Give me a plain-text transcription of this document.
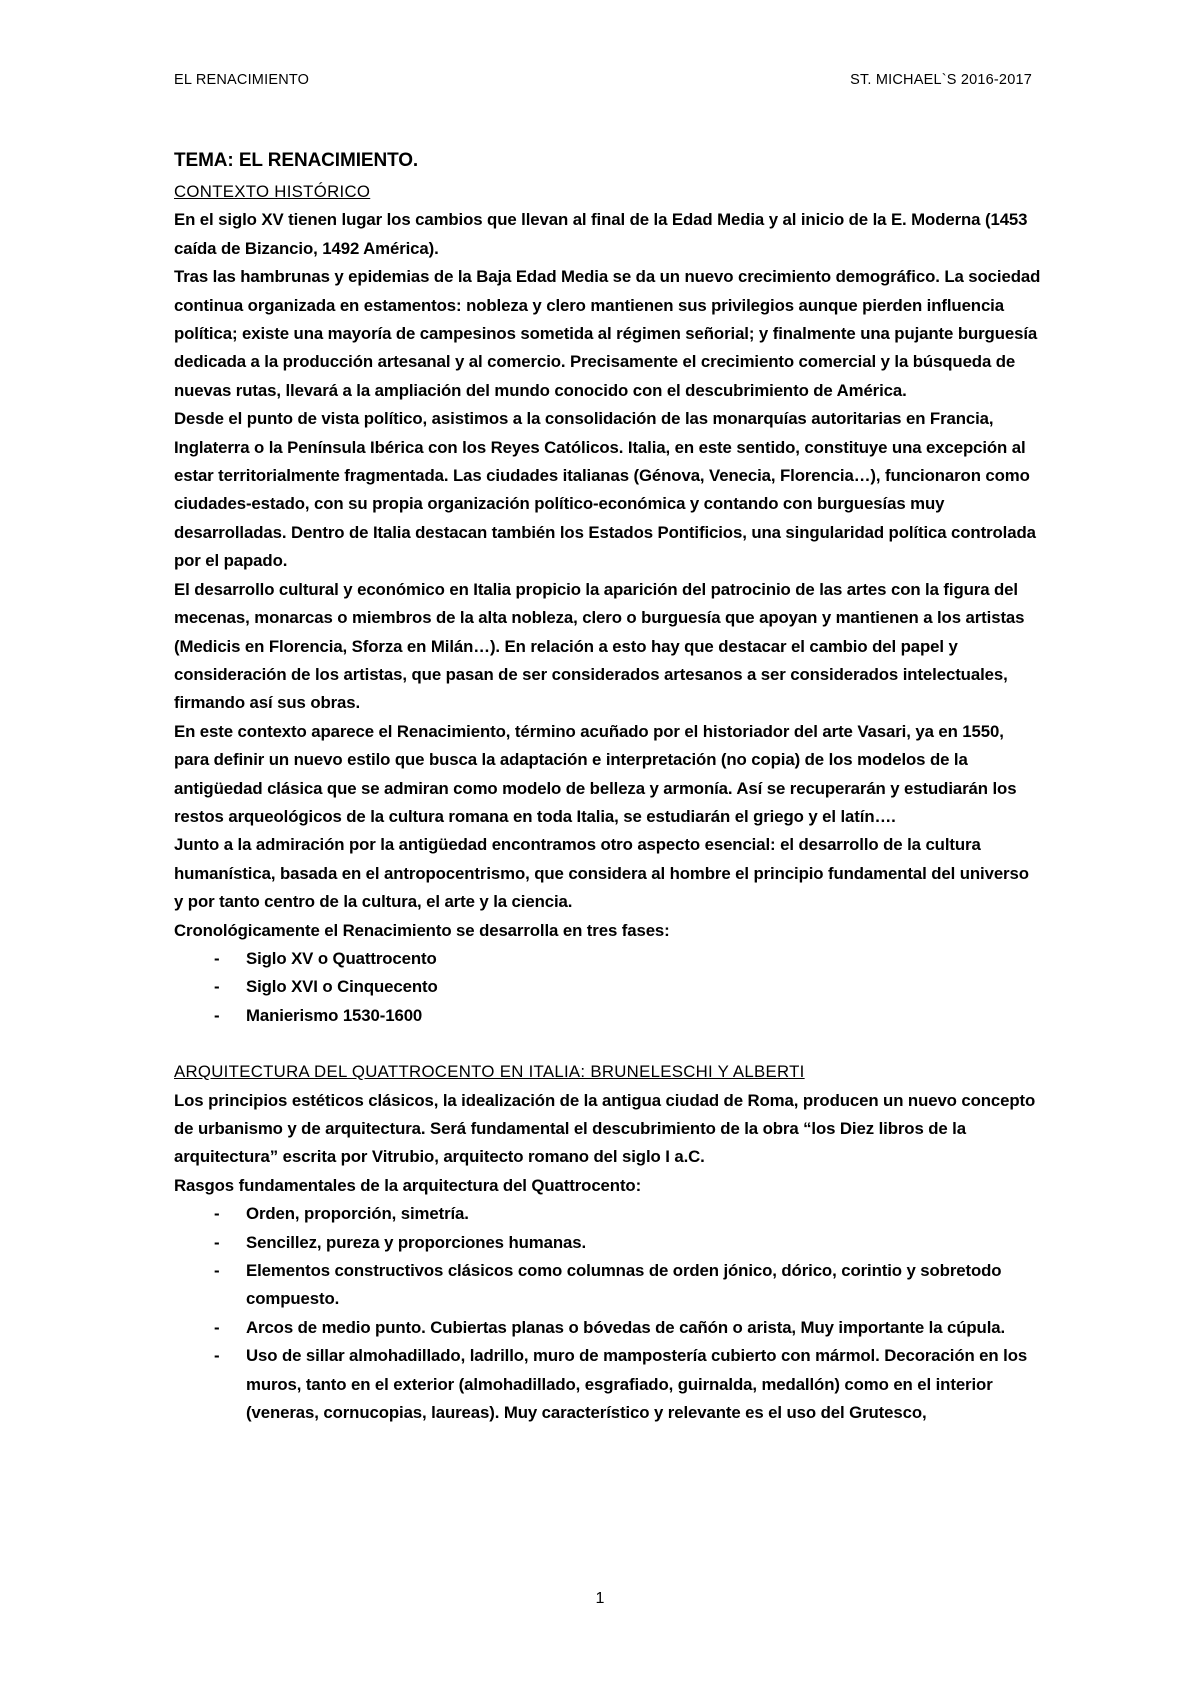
EL RENACIMIENTO	ST. MICHAEL`S 2016-2017
TEMA: EL RENACIMIENTO.

CONTEXTO HISTÓRICO

En el siglo XV tienen lugar los cambios que llevan al final de la Edad Media y al inicio de la E. Moderna (1453 caída de Bizancio, 1492 América).

Tras las hambrunas y epidemias de la Baja Edad Media se da un nuevo crecimiento demográfico. La sociedad continua organizada en estamentos: nobleza y clero mantienen sus privilegios aunque pierden influencia política; existe una mayoría de campesinos sometida al régimen señorial; y finalmente una pujante burguesía dedicada a la producción artesanal y al comercio. Precisamente el crecimiento comercial y la búsqueda de nuevas rutas, llevará a la ampliación del mundo conocido con el descubrimiento de América.

Desde el punto de vista político, asistimos a la consolidación de las monarquías autoritarias en Francia, Inglaterra o la Península Ibérica con los Reyes Católicos. Italia, en este sentido, constituye una excepción al estar territorialmente fragmentada. Las ciudades italianas (Génova, Venecia, Florencia…), funcionaron como ciudades-estado, con su propia organización político-económica y contando con burguesías muy desarrolladas. Dentro de Italia destacan también los Estados Pontificios, una singularidad política controlada por el papado.

El desarrollo cultural y económico en Italia propicio la aparición del patrocinio de las artes con la figura del mecenas, monarcas o miembros de la alta nobleza, clero o burguesía que apoyan y mantienen a los artistas (Medicis en Florencia, Sforza en Milán…). En relación a esto hay que destacar el cambio del papel y consideración de los artistas, que pasan de ser considerados artesanos a ser considerados intelectuales, firmando así sus obras.

En este contexto aparece el Renacimiento, término acuñado por el historiador del arte Vasari, ya en 1550, para definir un nuevo estilo que busca la adaptación e interpretación (no copia) de los modelos de la antigüedad clásica que se admiran como modelo de belleza y armonía. Así se recuperarán y estudiarán los restos arqueológicos de la cultura romana en toda Italia, se estudiarán el griego y el latín….

Junto a la admiración por la antigüedad encontramos otro aspecto esencial: el desarrollo de la cultura humanística, basada en el antropocentrismo, que considera al hombre el principio fundamental del universo y por tanto centro de la cultura, el arte y la ciencia.

Cronológicamente el Renacimiento se desarrolla en tres fases:

- Siglo XV o Quattrocento
- Siglo XVI o Cinquecento
- Manierismo 1530-1600

ARQUITECTURA DEL QUATTROCENTO EN ITALIA: BRUNELESCHI Y ALBERTI

Los principios estéticos clásicos, la idealización de la antigua ciudad de Roma, producen un nuevo concepto de urbanismo y de arquitectura. Será fundamental el descubrimiento de la obra “los Diez libros de la arquitectura” escrita por Vitrubio, arquitecto romano del siglo I a.C.

Rasgos fundamentales de la arquitectura del Quattrocento:

- Orden, proporción, simetría.
- Sencillez, pureza y proporciones humanas.
- Elementos constructivos clásicos como columnas de orden jónico, dórico, corintio y sobretodo compuesto.
- Arcos de medio punto. Cubiertas planas o bóvedas de cañón o arista, Muy importante la cúpula.
- Uso de sillar almohadillado, ladrillo, muro de mampostería cubierto con mármol. Decoración en los muros, tanto en el exterior (almohadillado, esgrafiado, guirnalda, medallón) como en el interior (veneras, cornucopias, laureas). Muy característico y relevante es el uso del Grutesco,
1
